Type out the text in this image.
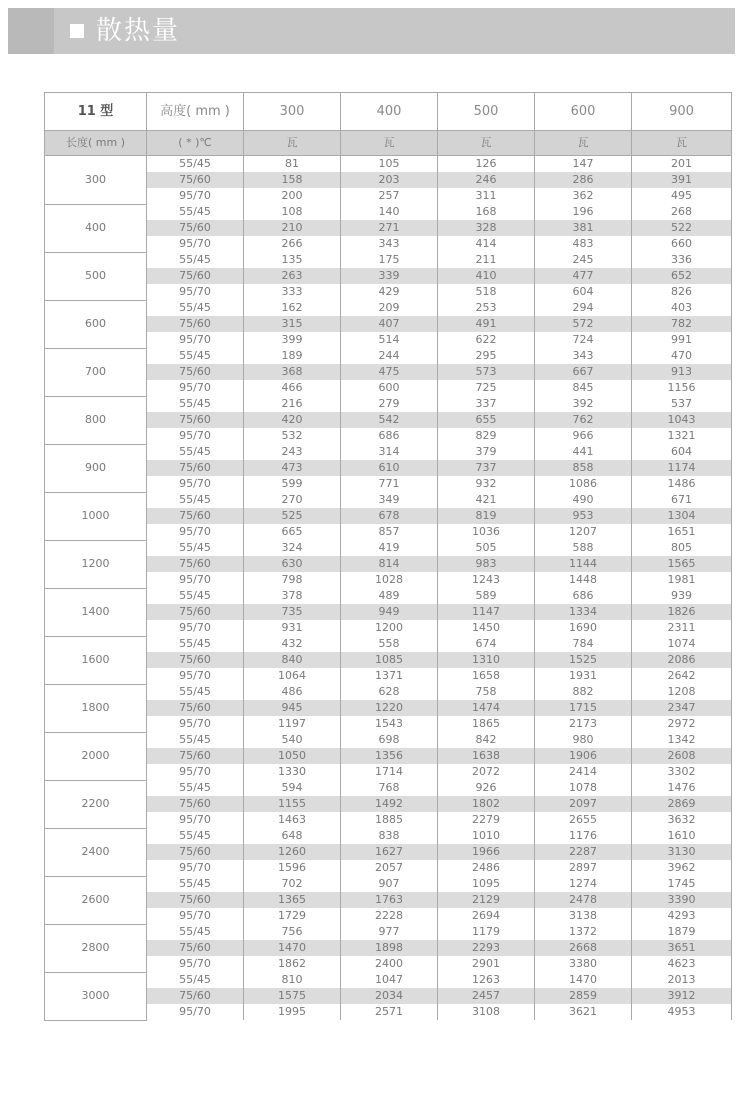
散热量
11 型	高度( mm )	300	400	500	600	900
长度( mm )	( * )℃	瓦	瓦	瓦	瓦	瓦
300	55/45	81	105	126	147	201
	75/60	158	203	246	286	391
	95/70	200	257	311	362	495
400	55/45	108	140	168	196	268
	75/60	210	271	328	381	522
	95/70	266	343	414	483	660
500	55/45	135	175	211	245	336
	75/60	263	339	410	477	652
	95/70	333	429	518	604	826
600	55/45	162	209	253	294	403
	75/60	315	407	491	572	782
	95/70	399	514	622	724	991
700	55/45	189	244	295	343	470
	75/60	368	475	573	667	913
	95/70	466	600	725	845	1156
800	55/45	216	279	337	392	537
	75/60	420	542	655	762	1043
	95/70	532	686	829	966	1321
900	55/45	243	314	379	441	604
	75/60	473	610	737	858	1174
	95/70	599	771	932	1086	1486
1000	55/45	270	349	421	490	671
	75/60	525	678	819	953	1304
	95/70	665	857	1036	1207	1651
1200	55/45	324	419	505	588	805
	75/60	630	814	983	1144	1565
	95/70	798	1028	1243	1448	1981
1400	55/45	378	489	589	686	939
	75/60	735	949	1147	1334	1826
	95/70	931	1200	1450	1690	2311
1600	55/45	432	558	674	784	1074
	75/60	840	1085	1310	1525	2086
	95/70	1064	1371	1658	1931	2642
1800	55/45	486	628	758	882	1208
	75/60	945	1220	1474	1715	2347
	95/70	1197	1543	1865	2173	2972
2000	55/45	540	698	842	980	1342
	75/60	1050	1356	1638	1906	2608
	95/70	1330	1714	2072	2414	3302
2200	55/45	594	768	926	1078	1476
	75/60	1155	1492	1802	2097	2869
	95/70	1463	1885	2279	2655	3632
2400	55/45	648	838	1010	1176	1610
	75/60	1260	1627	1966	2287	3130
	95/70	1596	2057	2486	2897	3962
2600	55/45	702	907	1095	1274	1745
	75/60	1365	1763	2129	2478	3390
	95/70	1729	2228	2694	3138	4293
2800	55/45	756	977	1179	1372	1879
	75/60	1470	1898	2293	2668	3651
	95/70	1862	2400	2901	3380	4623
3000	55/45	810	1047	1263	1470	2013
	75/60	1575	2034	2457	2859	3912
	95/70	1995	2571	3108	3621	4953
